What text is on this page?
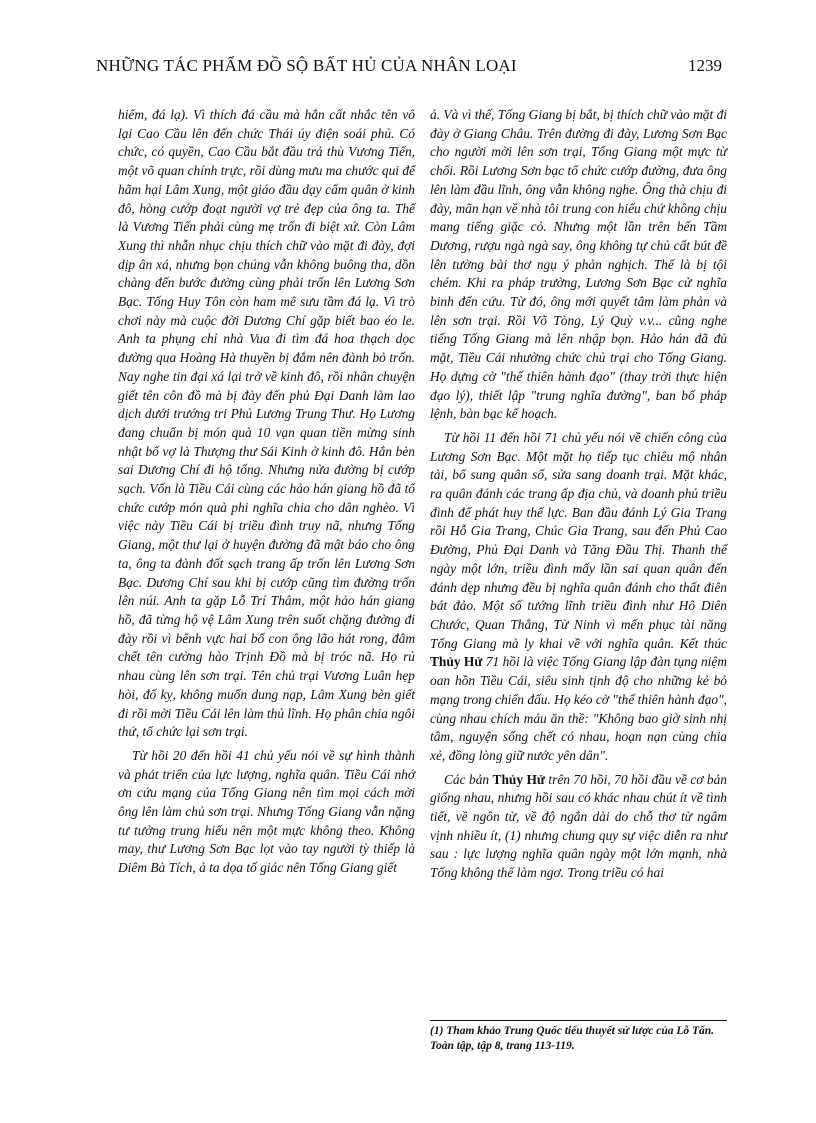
NHỮNG TÁC PHẨM ĐỒ SỘ BẤT HỦ CỦA NHÂN LOẠI	1239

hiểm, đá lạ). Vì thích đá cầu mà hắn cất nhắc tên vô lại Cao Cầu lên đến chức Thái úy điện soái phủ. Có chức, có quyền, Cao Cầu bắt đầu trả thù Vương Tiến, một võ quan chính trực, rồi dùng mưu ma chước qui để hãm hại Lâm Xung, một giáo đầu dạy cấm quân ở kinh đô, hòng cướp đoạt người vợ trẻ đẹp của ông ta. Thế là Vương Tiến phải cùng mẹ trốn đi biệt xứ. Còn Lâm Xung thì nhẫn nhục chịu thích chữ vào mặt đi đày, đợi dịp ân xá, nhưng bọn chúng vẫn không buông tha, dồn chàng đến bước đường cùng phải trốn lên Lương Sơn Bạc. Tống Huy Tôn còn ham mê sưu tầm đá lạ. Vì trò chơi này mà cuộc đời Dương Chí gặp biết bao éo le. Anh ta phụng chỉ nhà Vua đi tìm đá hoa thạch dọc đường qua Hoàng Hà thuyền bị đắm nên đành bỏ trốn. Nay nghe tin đại xá lại trở về kinh đô, rồi nhân chuyện giết tên côn đồ mà bị đày đến phủ Đại Danh làm lao dịch dưới trướng tri Phủ Lương Trung Thư. Họ Lương đang chuẩn bị món quà 10 vạn quan tiền mừng sinh nhật bố vợ là Thượng thư Sái Kinh ở kinh đô. Hắn bèn sai Dương Chí đi hộ tống. Nhưng nửa đường bị cướp sạch. Vốn là Tiều Cái cùng các hảo hán giang hồ đã tổ chức cướp món quà phi nghĩa chia cho dân nghèo. Vì việc này Tiều Cái bị triều đình truy nã, nhưng Tống Giang, một thư lại ở huyện đường đã mật báo cho ông ta, ông ta đành đốt sạch trang ấp trốn lên Lương Sơn Bạc. Dương Chí sau khi bị cướp cũng tìm đường trốn lên núi. Anh ta gặp Lỗ Trí Thâm, một hảo hán giang hồ, đã từng hộ vệ Lâm Xung trên suốt chặng đường đi đày rồi vì bênh vực hai bố con ông lão hát rong, đâm chết tên cường hào Trịnh Đồ mà bị tróc nã. Họ rủ nhau cùng lên sơn trại. Tên chủ trại Vương Luân hẹp hòi, đố kỵ, không muốn dung nạp, Lâm Xung bèn giết đi rồi mời Tiều Cái lên làm thủ lĩnh. Họ phân chia ngôi thứ, tổ chức lại sơn trại.

Từ hồi 20 đến hồi 41 chủ yếu nói về sự hình thành và phát triển của lực lượng, nghĩa quân. Tiều Cái nhớ ơn cứu mạng của Tống Giang nên tìm mọi cách mời ông lên làm chủ sơn trại. Nhưng Tống Giang vẫn nặng tư tưởng trung hiếu nên một mực không theo. Không may, thư Lương Sơn Bạc lọt vào tay người tỳ thiếp là Diêm Bà Tích, ả ta dọa tố giác nên Tống Giang giết

ả. Và vì thế, Tống Giang bị bắt, bị thích chữ vào mặt đi đày ở Giang Châu. Trên đường đi đày, Lương Sơn Bạc cho người mời lên sơn trại, Tống Giang một mực từ chối. Rồi Lương Sơn bạc tổ chức cướp đường, đưa ông lên làm đầu lĩnh, ông vẫn không nghe. Ông thà chịu đi đày, mãn hạn về nhà tôi trung con hiếu chứ không chịu mang tiếng giặc cỏ. Nhưng một lần trên bến Tầm Dương, rượu ngà ngà say, ông không tự chủ cất bút đề lên tường bài thơ ngụ ý phản nghịch. Thế là bị tội chém. Khi ra pháp trường, Lương Sơn Bạc cử nghĩa binh đến cứu. Từ đó, ông mới quyết tâm làm phản và lên sơn trại. Rồi Võ Tòng, Lý Quỳ v.v... cũng nghe tiếng Tống Giang mà lên nhập bọn. Hảo hán đã đủ mặt, Tiều Cái nhường chức chủ trại cho Tống Giang. Họ dựng cờ "thế thiên hành đạo" (thay trời thực hiện đạo lý), thiết lập "trung nghĩa đường", ban bố pháp lệnh, bàn bạc kế hoạch.

Từ hồi 11 đến hồi 71 chủ yếu nói về chiến công của Lương Sơn Bạc. Một mặt họ tiếp tục chiêu mộ nhân tài, bổ sung quân số, sửa sang doanh trại. Mặt khác, ra quân đánh các trang ấp địa chủ, và doanh phủ triều đình để phát huy thế lực. Ban đầu đánh Lý Gia Trang rồi Hỗ Gia Trang, Chúc Gia Trang, sau đến Phủ Cao Đường, Phủ Đại Danh và Tăng Đầu Thị. Thanh thế ngày một lớn, triều đình mấy lần sai quan quân đến đánh dẹp nhưng đều bị nghĩa quân đánh cho thất điên bát đảo. Một số tướng lĩnh triều đình như Hô Diên Chước, Quan Thắng, Từ Ninh vì mến phục tài năng Tống Giang mà ly khai về với nghĩa quân. Kết thúc Thủy Hử 71 hồi là việc Tống Giang lập đàn tụng niệm oan hồn Tiều Cái, siêu sinh tịnh độ cho những kẻ bỏ mạng trong chiến đấu. Họ kéo cờ "thế thiên hành đạo", cùng nhau chích máu ăn thề: "Không bao giờ sinh nhị tâm, nguyện sống chết có nhau, hoạn nạn cùng chia xẻ, đồng lòng giữ nước yên dân".

Các bản Thủy Hử trên 70 hồi, 70 hồi đầu về cơ bản giống nhau, nhưng hồi sau có khác nhau chút ít về tình tiết, về ngôn từ, về độ ngắn dài do chỗ thơ từ ngâm vịnh nhiều ít, (1) nhưng chung quy sự việc diễn ra như sau : lực lượng nghĩa quân ngày một lớn mạnh, nhà Tống không thể làm ngơ. Trong triều có hai

(1) Tham khảo Trung Quốc tiểu thuyết sử lược của Lỗ Tấn. Toàn tập, tập 8, trang 113-119.
